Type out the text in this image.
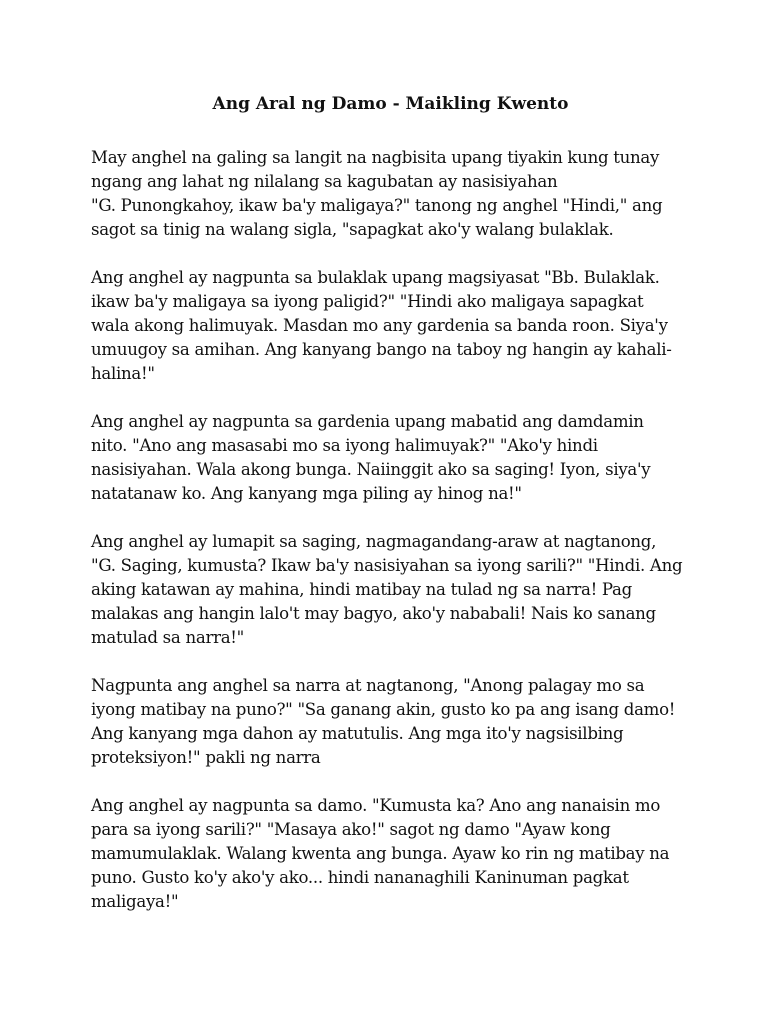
Ang Aral ng Damo - Maikling Kwento

May anghel na galing sa langit na nagbisita upang tiyakin kung tunay ngang ang lahat ng nilalang sa kagubatan ay nasisiyahan

"G. Punongkahoy, ikaw ba'y maligaya?" tanong ng anghel "Hindi," ang sagot sa tinig na walang sigla, "sapagkat ako'y walang bulaklak.

Ang anghel ay nagpunta sa bulaklak upang magsiyasat "Bb. Bulaklak. ikaw ba'y maligaya sa iyong paligid?" "Hindi ako maligaya sapagkat wala akong halimuyak. Masdan mo any gardenia sa banda roon. Siya'y umuugoy sa amihan. Ang kanyang bango na taboy ng hangin ay kahali-halina!"

Ang anghel ay nagpunta sa gardenia upang mabatid ang damdamin nito. "Ano ang masasabi mo sa iyong halimuyak?" "Ako'y hindi nasisiyahan. Wala akong bunga. Naiinggit ako sa saging! Iyon, siya'y natatanaw ko. Ang kanyang mga piling ay hinog na!"

Ang anghel ay lumapit sa saging, nagmagandang-araw at nagtanong, "G. Saging, kumusta? Ikaw ba'y nasisiyahan sa iyong sarili?" "Hindi. Ang aking katawan ay mahina, hindi matibay na tulad ng sa narra! Pag malakas ang hangin lalo't may bagyo, ako'y nababali! Nais ko sanang matulad sa narra!"

Nagpunta ang anghel sa narra at nagtanong, "Anong palagay mo sa iyong matibay na puno?" "Sa ganang akin, gusto ko pa ang isang damo! Ang kanyang mga dahon ay matutulis. Ang mga ito'y nagsisilbing proteksiyon!" pakli ng narra

Ang anghel ay nagpunta sa damo. "Kumusta ka? Ano ang nanaisin mo para sa iyong sarili?" "Masaya ako!" sagot ng damo "Ayaw kong mamumulaklak. Walang kwenta ang bunga. Ayaw ko rin ng matibay na puno. Gusto ko'y ako'y ako... hindi nananaghili Kaninuman pagkat maligaya!"
